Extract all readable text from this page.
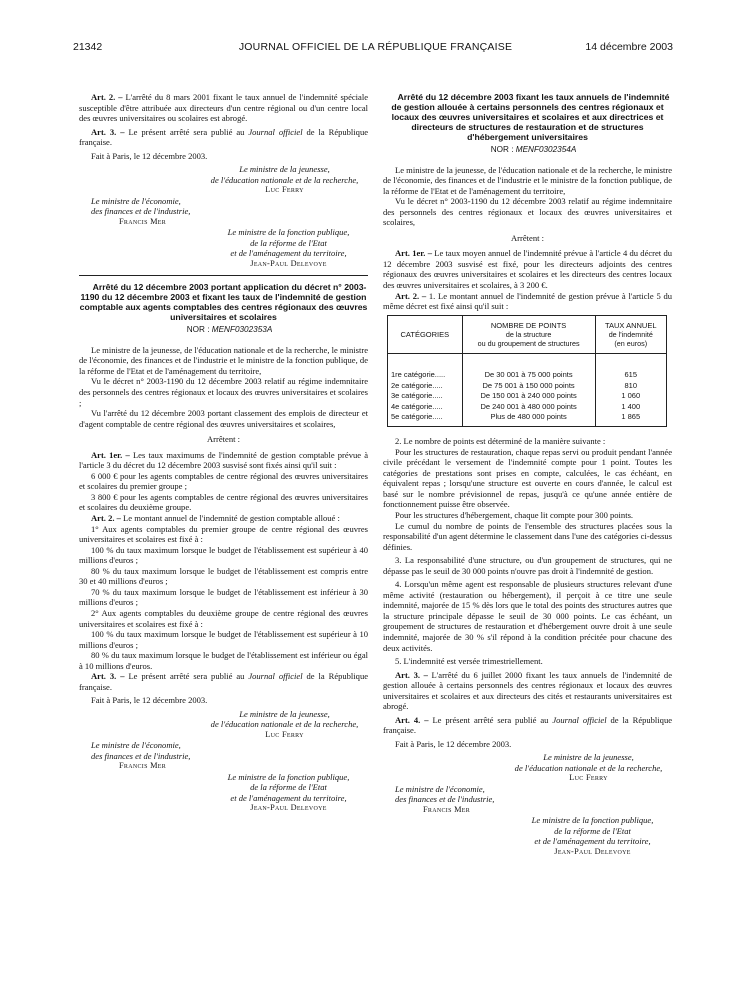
21342	JOURNAL OFFICIEL DE LA RÉPUBLIQUE FRANÇAISE	14 décembre 2003

Art. 2. – L'arrêté du 8 mars 2001 fixant le taux annuel de l'indemnité spéciale susceptible d'être attribuée aux directeurs d'un centre régional ou d'un centre local des œuvres universitaires ou scolaires est abrogé.

Art. 3. – Le présent arrêté sera publié au Journal officiel de la République française.

Fait à Paris, le 12 décembre 2003.

Le ministre de la jeunesse,

de l'éducation nationale et de la recherche,

Luc Ferry

Le ministre de l'économie,

des finances et de l'industrie,

Francis Mer

Le ministre de la fonction publique,

de la réforme de l'Etat

et de l'aménagement du territoire,

Jean-Paul Delevoye

Arrêté du 12 décembre 2003 portant application du décret n° 2003-1190 du 12 décembre 2003 et fixant les taux de l'indemnité de gestion comptable aux agents comptables des centres régionaux des œuvres universitaires et scolaires

NOR : MENF0302353A

Le ministre de la jeunesse, de l'éducation nationale et de la recherche, le ministre de l'économie, des finances et de l'industrie et le ministre de la fonction publique, de la réforme de l'Etat et de l'aménagement du territoire,

Vu le décret n° 2003-1190 du 12 décembre 2003 relatif au régime indemnitaire des personnels des centres régionaux et locaux des œuvres universitaires et scolaires ;

Vu l'arrêté du 12 décembre 2003 portant classement des emplois de directeur et d'agent comptable de centre régional des œuvres universitaires et scolaires,

Arrêtent :

Art. 1er. – Les taux maximums de l'indemnité de gestion comptable prévue à l'article 3 du décret du 12 décembre 2003 susvisé sont fixés ainsi qu'il suit :

6 000 € pour les agents comptables de centre régional des œuvres universitaires et scolaires du premier groupe ;

3 800 € pour les agents comptables de centre régional des œuvres universitaires et scolaires du deuxième groupe.

Art. 2. – Le montant annuel de l'indemnité de gestion comptable alloué :

1° Aux agents comptables du premier groupe de centre régional des œuvres universitaires et scolaires est fixé à :

100 % du taux maximum lorsque le budget de l'établissement est supérieur à 40 millions d'euros ;

80 % du taux maximum lorsque le budget de l'établissement est compris entre 30 et 40 millions d'euros ;

70 % du taux maximum lorsque le budget de l'établissement est inférieur à 30 millions d'euros ;

2° Aux agents comptables du deuxième groupe de centre régional des œuvres universitaires et scolaires est fixé à :

100 % du taux maximum lorsque le budget de l'établissement est supérieur à 10 millions d'euros ;

80 % du taux maximum lorsque le budget de l'établissement est inférieur ou égal à 10 millions d'euros.

Art. 3. – Le présent arrêté sera publié au Journal officiel de la République française.

Fait à Paris, le 12 décembre 2003.

Le ministre de la jeunesse,

de l'éducation nationale et de la recherche,

Luc Ferry

Le ministre de l'économie,

des finances et de l'industrie,

Francis Mer

Le ministre de la fonction publique,

de la réforme de l'Etat

et de l'aménagement du territoire,

Jean-Paul Delevoye

Arrêté du 12 décembre 2003 fixant les taux annuels de l'indemnité de gestion allouée à certains personnels des centres régionaux et locaux des œuvres universitaires et scolaires et aux directrices et directeurs de structures de restauration et de structures d'hébergement universitaires

NOR : MENF0302354A

Le ministre de la jeunesse, de l'éducation nationale et de la recherche, le ministre de l'économie, des finances et de l'industrie et le ministre de la fonction publique, de la réforme de l'Etat et de l'aménagement du territoire,

Vu le décret n° 2003-1190 du 12 décembre 2003 relatif au régime indemnitaire des personnels des centres régionaux et locaux des œuvres universitaires et scolaires,

Arrêtent :

Art. 1er. – Le taux moyen annuel de l'indemnité prévue à l'article 4 du décret du 12 décembre 2003 susvisé est fixé, pour les directeurs adjoints des centres régionaux des œuvres universitaires et scolaires et les directeurs des centres locaux des œuvres universitaires et scolaires, à 3 200 €.

Art. 2. – 1. Le montant annuel de l'indemnité de gestion prévue à l'article 5 du même décret est fixé ainsi qu'il suit :

CATÉGORIES	NOMBRE DE POINTS
de la structure
ou du groupement de structures	TAUX ANNUEL
de l'indemnité
(en euros)
1re catégorie.....	De 30 001 à 75 000 points	615
2e catégorie.....	De 75 001 à 150 000 points	810
3e catégorie.....	De 150 001 à 240 000 points	1 060
4e catégorie.....	De 240 001 à 480 000 points	1 400
5e catégorie.....	Plus de 480 000 points	1 865

2. Le nombre de points est déterminé de la manière suivante :

Pour les structures de restauration, chaque repas servi ou produit pendant l'année civile précédant le versement de l'indemnité compte pour 1 point. Toutes les catégories de prestations sont prises en compte, calculées, le cas échéant, en équivalent repas ; lorsqu'une structure est ouverte en cours d'année, le calcul est basé sur le nombre prévisionnel de repas, jusqu'à ce qu'une année entière de fonctionnement puisse être observée.

Pour les structures d'hébergement, chaque lit compte pour 300 points.

Le cumul du nombre de points de l'ensemble des structures placées sous la responsabilité d'un agent détermine le classement dans l'une des catégories ci-dessus définies.

3. La responsabilité d'une structure, ou d'un groupement de structures, qui ne dépasse pas le seuil de 30 000 points n'ouvre pas droit à l'indemnité de gestion.

4. Lorsqu'un même agent est responsable de plusieurs structures relevant d'une même activité (restauration ou hébergement), il perçoit à ce titre une seule indemnité, majorée de 15 % dès lors que le total des points des structures autres que la structure principale dépasse le seuil de 30 000 points. Le cas échéant, un groupement de structures de restauration et d'hébergement ouvre droit à une seule indemnité, majorée de 30 % s'il répond à la condition précitée pour chacune des deux activités.

5. L'indemnité est versée trimestriellement.

Art. 3. – L'arrêté du 6 juillet 2000 fixant les taux annuels de l'indemnité de gestion allouée à certains personnels des centres régionaux et locaux des œuvres universitaires et scolaires et aux directeurs des cités et restaurants universitaires est abrogé.

Art. 4. – Le présent arrêté sera publié au Journal officiel de la République française.

Fait à Paris, le 12 décembre 2003.

Le ministre de la jeunesse,

de l'éducation nationale et de la recherche,

Luc Ferry

Le ministre de l'économie,

des finances et de l'industrie,

Francis Mer

Le ministre de la fonction publique,

de la réforme de l'Etat

et de l'aménagement du territoire,

Jean-Paul Delevoye
